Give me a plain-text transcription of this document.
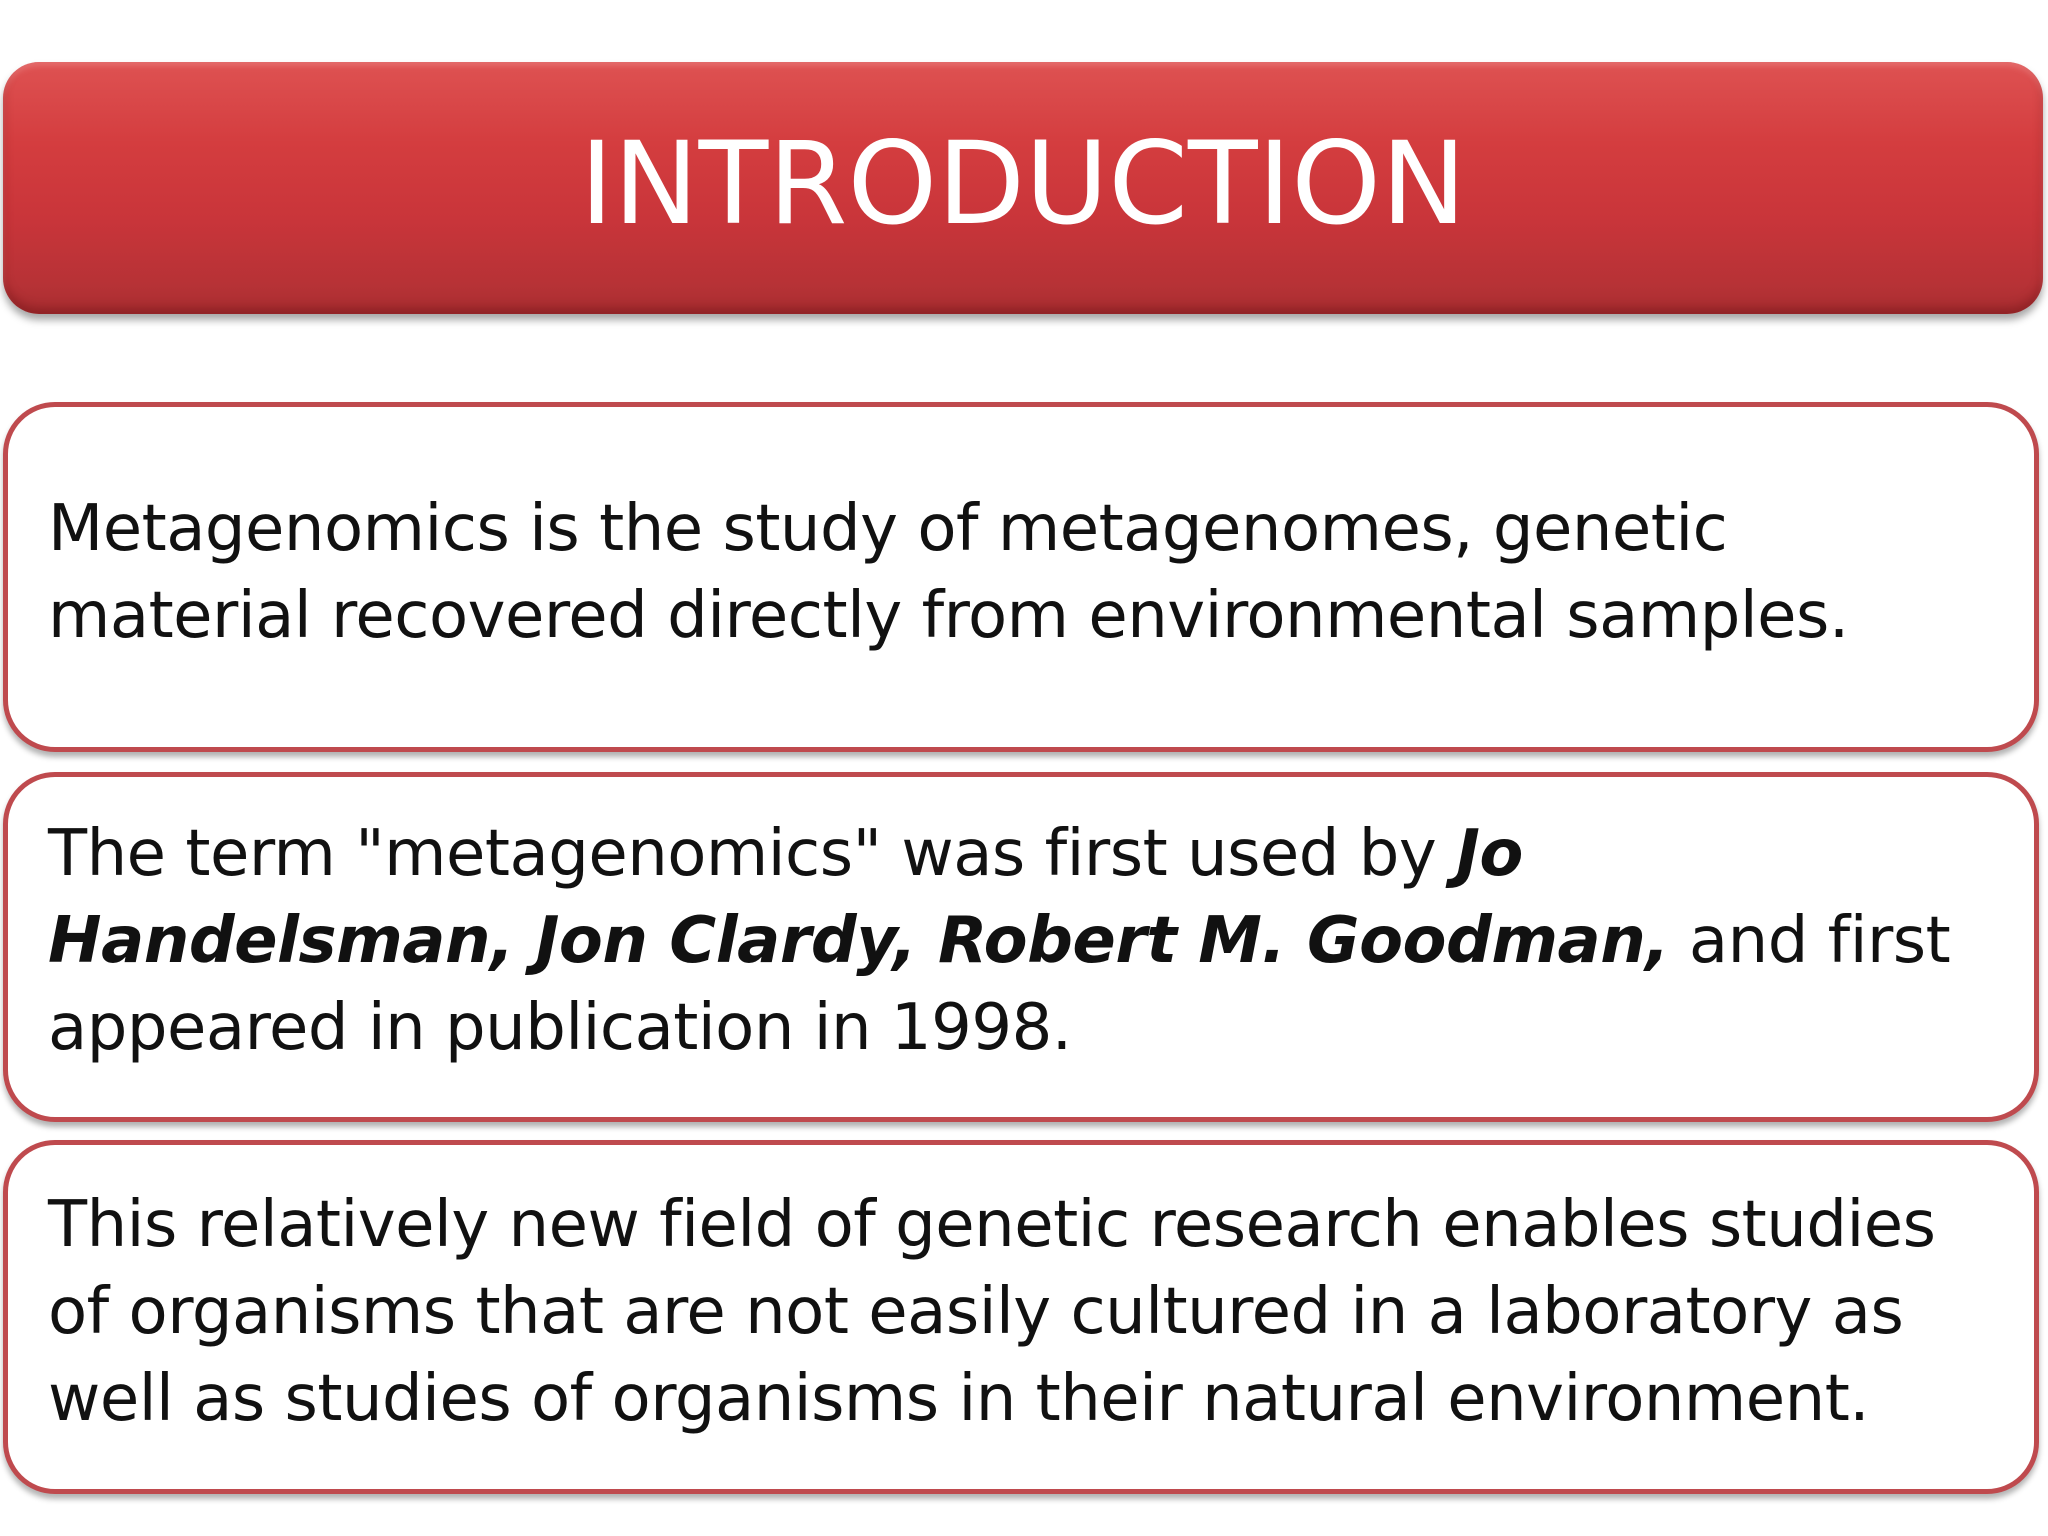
INTRODUCTION

Metagenomics is the study of metagenomes, genetic material recovered directly from environmental samples.

The term "metagenomics" was first used by Jo Handelsman, Jon Clardy, Robert M. Goodman, and first appeared in publication in 1998.

This relatively new field of genetic research enables studies of organisms that are not easily cultured in a laboratory as well as studies of organisms in their natural environment.
